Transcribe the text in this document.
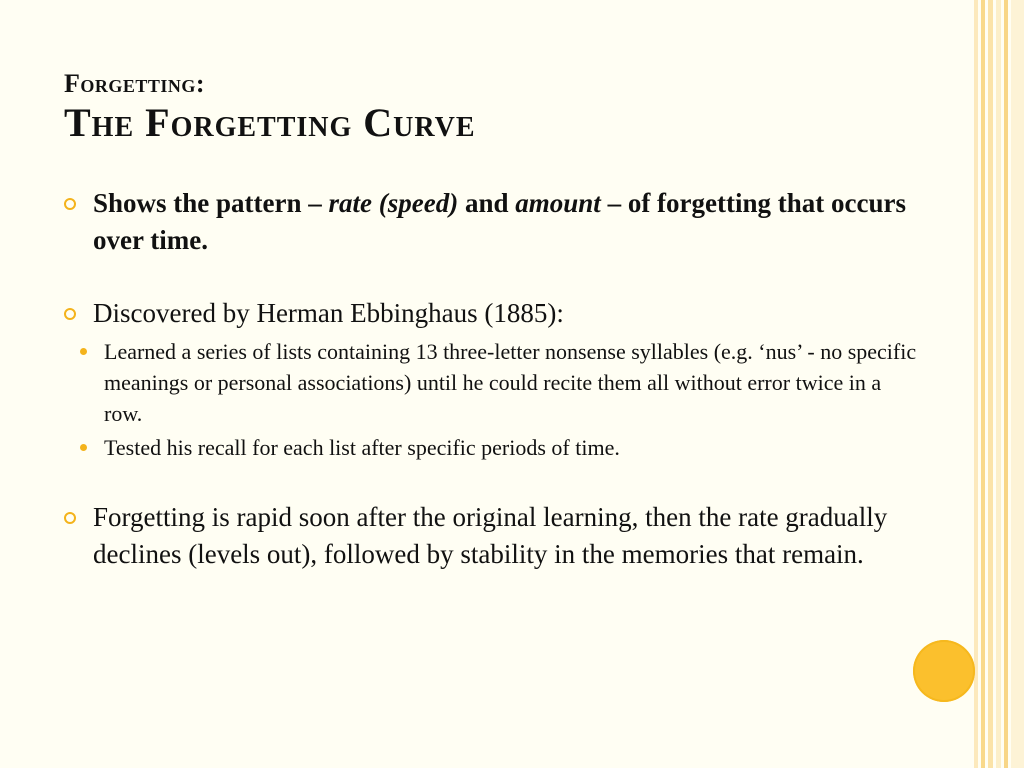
Forgetting:
The Forgetting Curve
Shows the pattern – rate (speed) and amount – of forgetting that occurs over time.
Discovered by Herman Ebbinghaus (1885):
Learned a series of lists containing 13 three-letter nonsense syllables (e.g. ‘nus’ - no specific meanings or personal associations) until he could recite them all without error twice in a row.
Tested his recall for each list after specific periods of time.
Forgetting is rapid soon after the original learning, then the rate gradually declines (levels out), followed by stability in the memories that remain.
